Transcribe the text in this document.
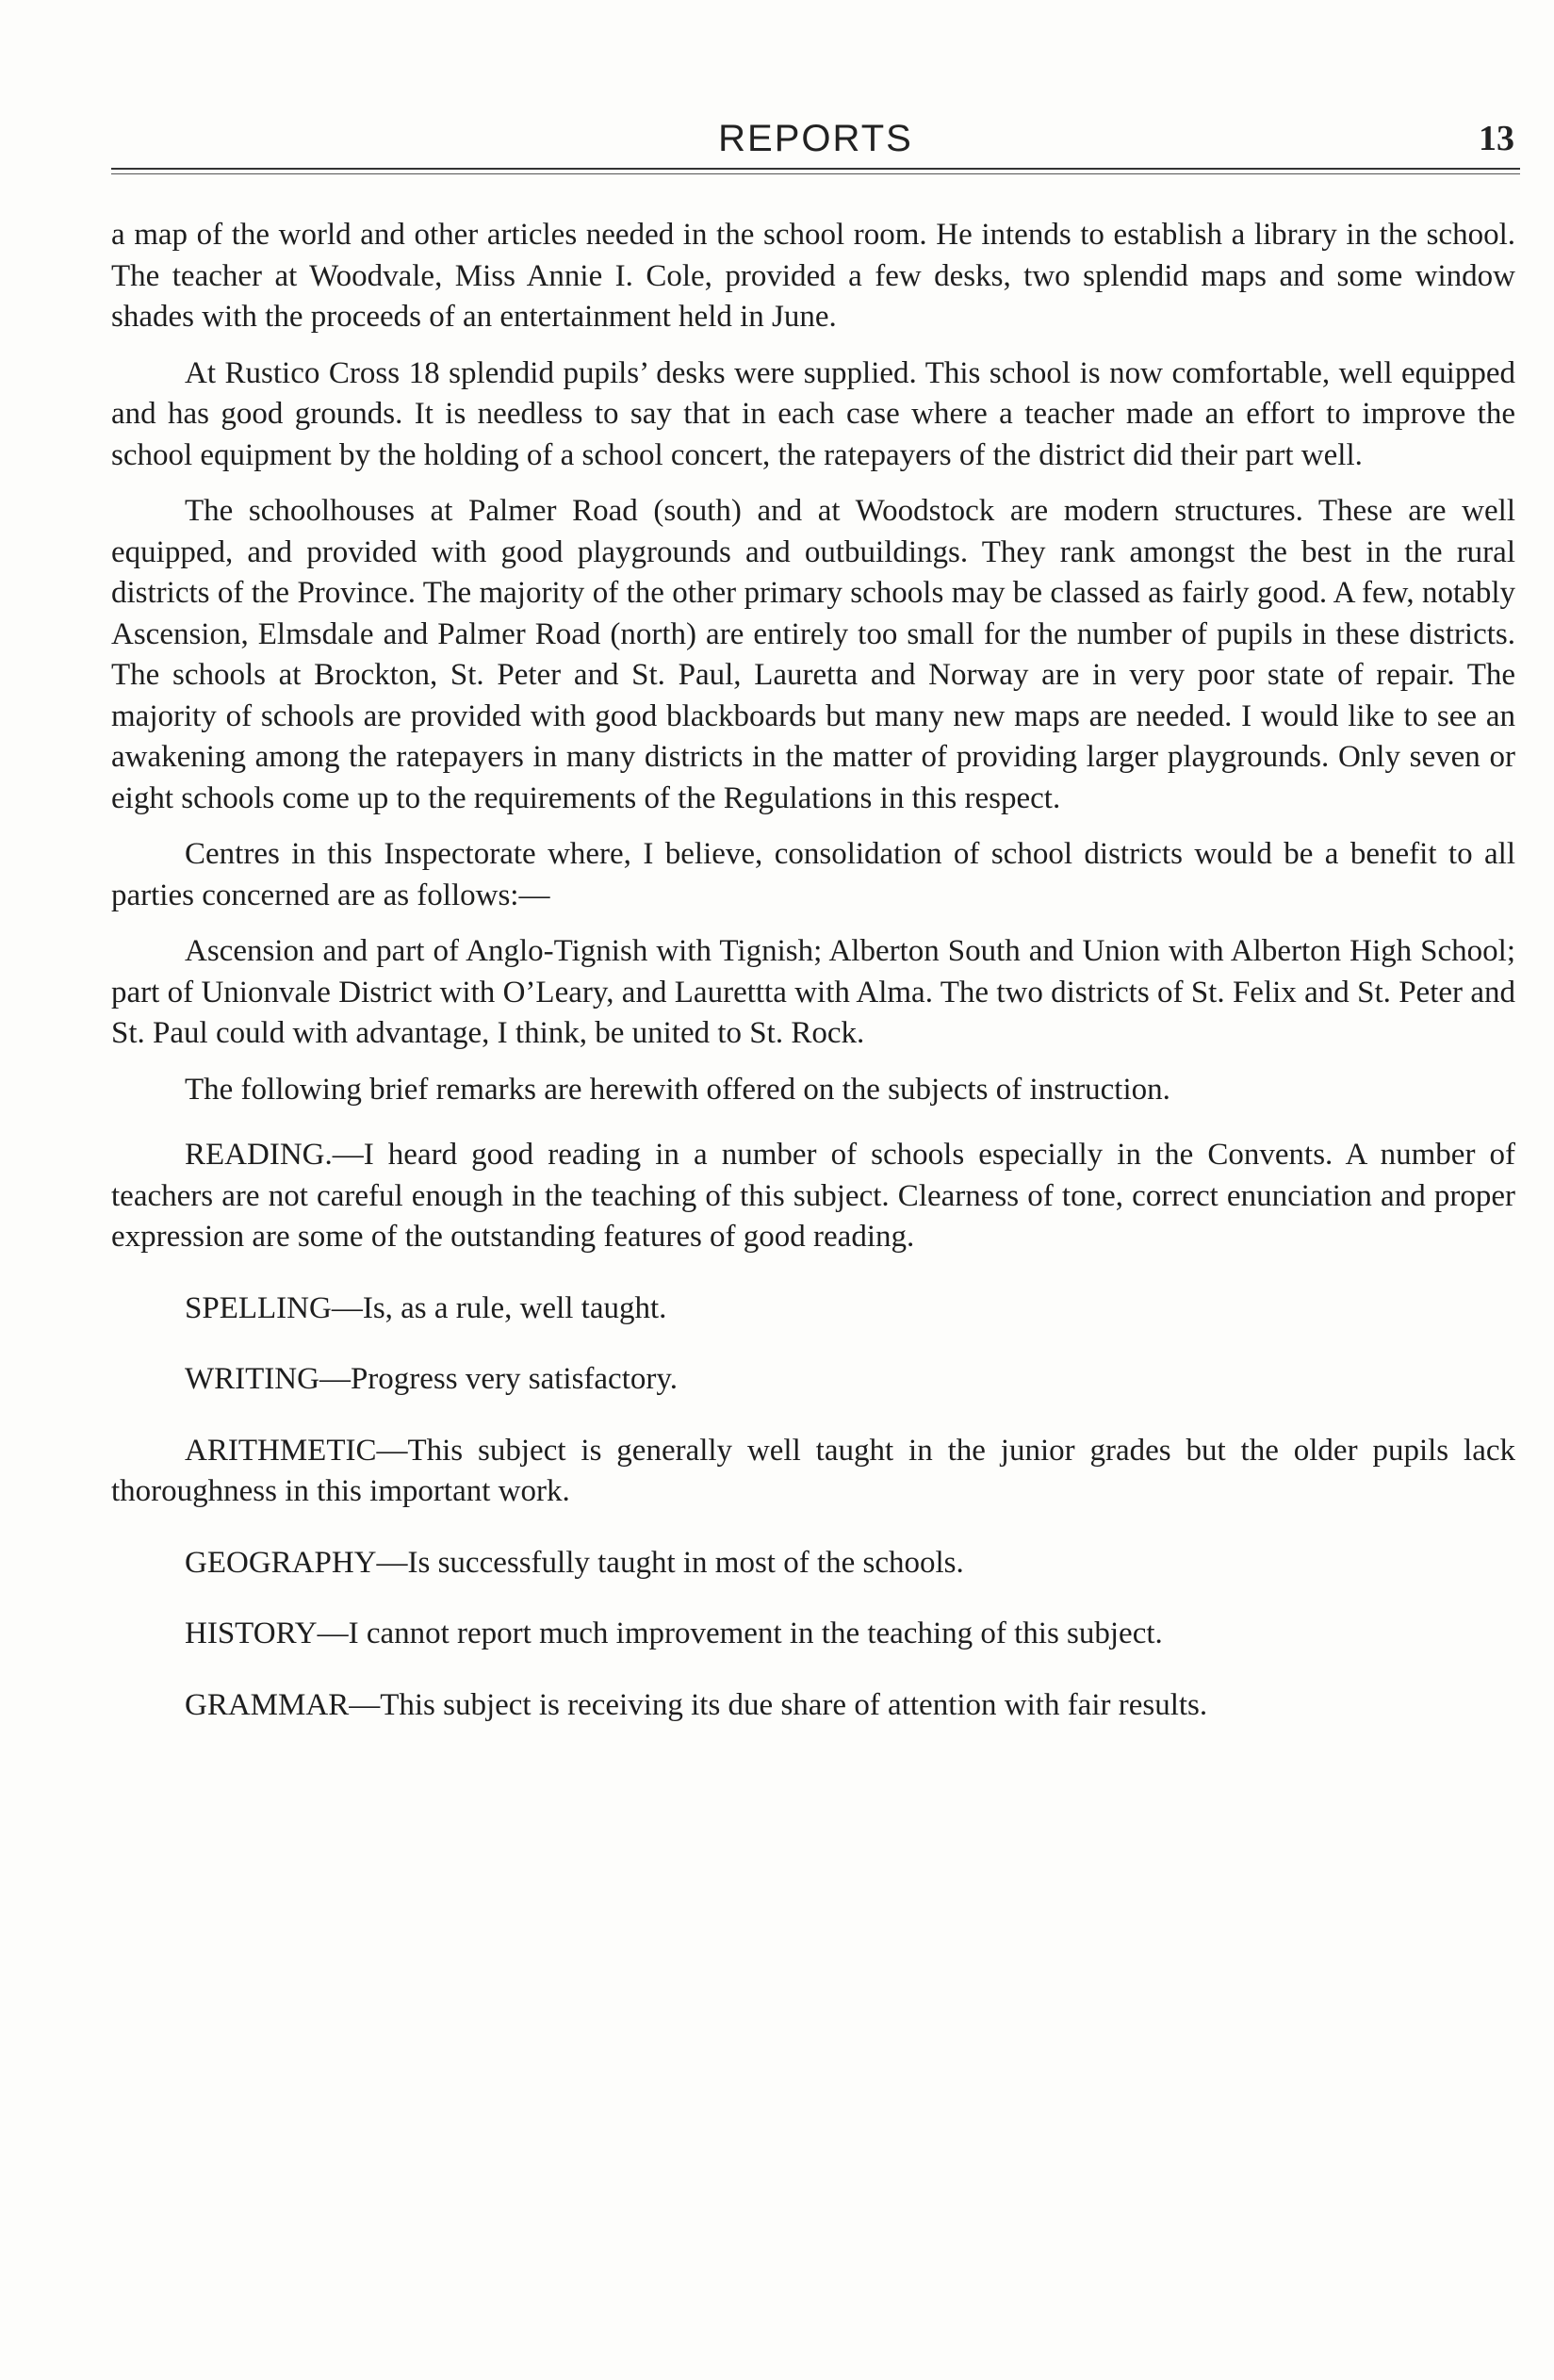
REPORTS	13

a map of the world and other articles needed in the school room. He intends to establish a library in the school. The teacher at Woodvale, Miss Annie I. Cole, provided a few desks, two splendid maps and some window shades with the proceeds of an entertainment held in June.

At Rustico Cross 18 splendid pupils’ desks were supplied. This school is now comfortable, well equipped and has good grounds. It is needless to say that in each case where a teacher made an effort to improve the school equipment by the holding of a school concert, the ratepayers of the district did their part well.

The schoolhouses at Palmer Road (south) and at Woodstock are modern structures. These are well equipped, and provided with good playgrounds and outbuildings. They rank amongst the best in the rural districts of the Province. The majority of the other primary schools may be classed as fairly good. A few, notably Ascension, Elmsdale and Palmer Road (north) are entirely too small for the number of pupils in these districts. The schools at Brockton, St. Peter and St. Paul, Lauretta and Norway are in very poor state of repair. The majority of schools are provided with good blackboards but many new maps are needed. I would like to see an awakening among the ratepayers in many districts in the matter of providing larger playgrounds. Only seven or eight schools come up to the requirements of the Regulations in this respect.

Centres in this Inspectorate where, I believe, consolidation of school districts would be a benefit to all parties concerned are as follows:—

Ascension and part of Anglo-Tignish with Tignish; Alberton South and Union with Alberton High School; part of Unionvale District with O’Leary, and Laurettta with Alma. The two districts of St. Felix and St. Peter and St. Paul could with advantage, I think, be united to St. Rock.

The following brief remarks are herewith offered on the subjects of instruction.

READING.—I heard good reading in a number of schools especially in the Convents. A number of teachers are not careful enough in the teaching of this subject. Clearness of tone, correct enunciation and proper expression are some of the outstanding features of good reading.

SPELLING—Is, as a rule, well taught.

WRITING—Progress very satisfactory.

ARITHMETIC—This subject is generally well taught in the junior grades but the older pupils lack thoroughness in this important work.

GEOGRAPHY—Is successfully taught in most of the schools.

HISTORY—I cannot report much improvement in the teaching of this subject.

GRAMMAR—This subject is receiving its due share of attention with fair results.
